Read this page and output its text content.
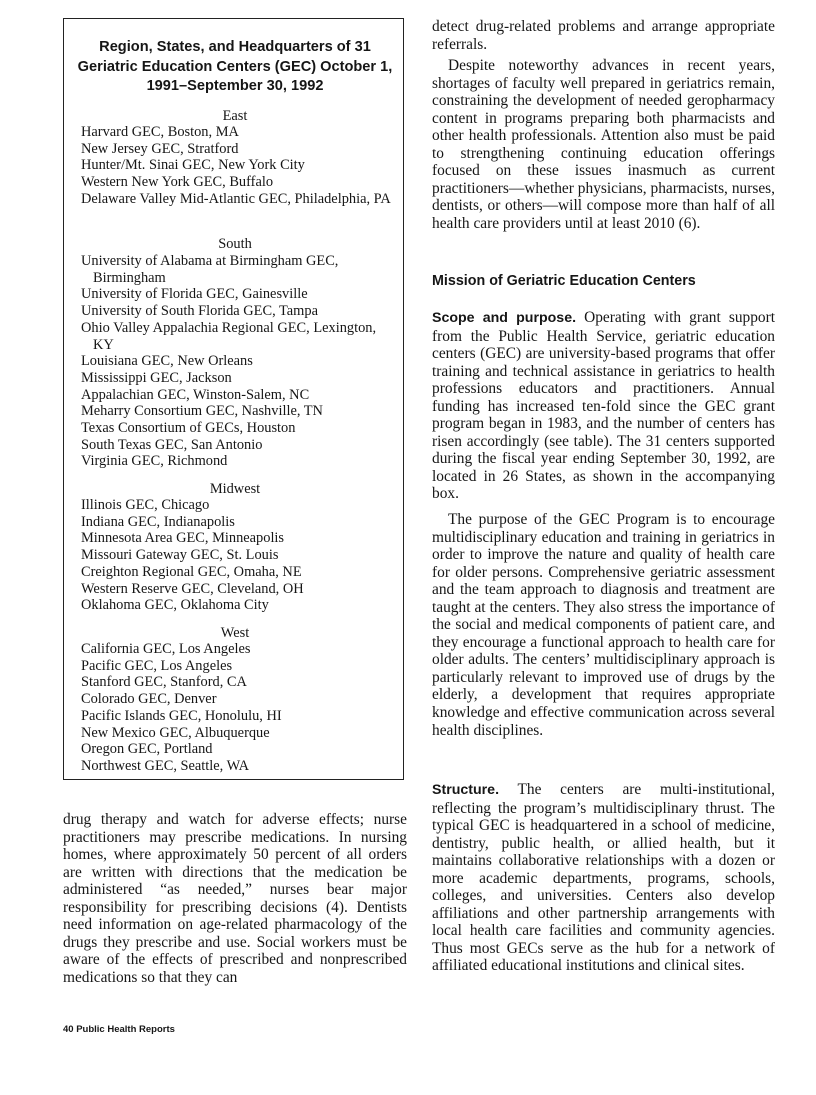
Region, States, and Headquarters of 31 Geriatric Education Centers (GEC) October 1, 1991–September 30, 1992
East
Harvard GEC, Boston, MA
New Jersey GEC, Stratford
Hunter/Mt. Sinai GEC, New York City
Western New York GEC, Buffalo
Delaware Valley Mid-Atlantic GEC, Philadelphia, PA
South
University of Alabama at Birmingham GEC, Birmingham
University of Florida GEC, Gainesville
University of South Florida GEC, Tampa
Ohio Valley Appalachia Regional GEC, Lexington, KY
Louisiana GEC, New Orleans
Mississippi GEC, Jackson
Appalachian GEC, Winston-Salem, NC
Meharry Consortium GEC, Nashville, TN
Texas Consortium of GECs, Houston
South Texas GEC, San Antonio
Virginia GEC, Richmond
Midwest
Illinois GEC, Chicago
Indiana GEC, Indianapolis
Minnesota Area GEC, Minneapolis
Missouri Gateway GEC, St. Louis
Creighton Regional GEC, Omaha, NE
Western Reserve GEC, Cleveland, OH
Oklahoma GEC, Oklahoma City
West
California GEC, Los Angeles
Pacific GEC, Los Angeles
Stanford GEC, Stanford, CA
Colorado GEC, Denver
Pacific Islands GEC, Honolulu, HI
New Mexico GEC, Albuquerque
Oregon GEC, Portland
Northwest GEC, Seattle, WA

drug therapy and watch for adverse effects; nurse practitioners may prescribe medications. In nursing homes, where approximately 50 percent of all orders are written with directions that the medication be administered “as needed,” nurses bear major responsibility for prescribing decisions (4). Dentists need information on age-related pharmacology of the drugs they prescribe and use. Social workers must be aware of the effects of prescribed and nonprescribed medications so that they can

detect drug-related problems and arrange appropriate referrals.

Despite noteworthy advances in recent years, shortages of faculty well prepared in geriatrics remain, constraining the development of needed geropharmacy content in programs preparing both pharmacists and other health professionals. Attention also must be paid to strengthening continuing education offerings focused on these issues inasmuch as current practitioners—whether physicians, pharmacists, nurses, dentists, or others—will compose more than half of all health care providers until at least 2010 (6).

Mission of Geriatric Education Centers

Scope and purpose. Operating with grant support from the Public Health Service, geriatric education centers (GEC) are university-based programs that offer training and technical assistance in geriatrics to health professions educators and practitioners. Annual funding has increased ten-fold since the GEC grant program began in 1983, and the number of centers has risen accordingly (see table). The 31 centers supported during the fiscal year ending September 30, 1992, are located in 26 States, as shown in the accompanying box.

The purpose of the GEC Program is to encourage multidisciplinary education and training in geriatrics in order to improve the nature and quality of health care for older persons. Comprehensive geriatric assessment and the team approach to diagnosis and treatment are taught at the centers. They also stress the importance of the social and medical components of patient care, and they encourage a functional approach to health care for older adults. The centers’ multidisciplinary approach is particularly relevant to improved use of drugs by the elderly, a development that requires appropriate knowledge and effective communication across several health disciplines.

Structure. The centers are multi-institutional, reflecting the program’s multidisciplinary thrust. The typical GEC is headquartered in a school of medicine, dentistry, public health, or allied health, but it maintains collaborative relationships with a dozen or more academic departments, programs, schools, colleges, and universities. Centers also develop affiliations and other partnership arrangements with local health care facilities and community agencies. Thus most GECs serve as the hub for a network of affiliated educational institutions and clinical sites.

40 Public Health Reports
